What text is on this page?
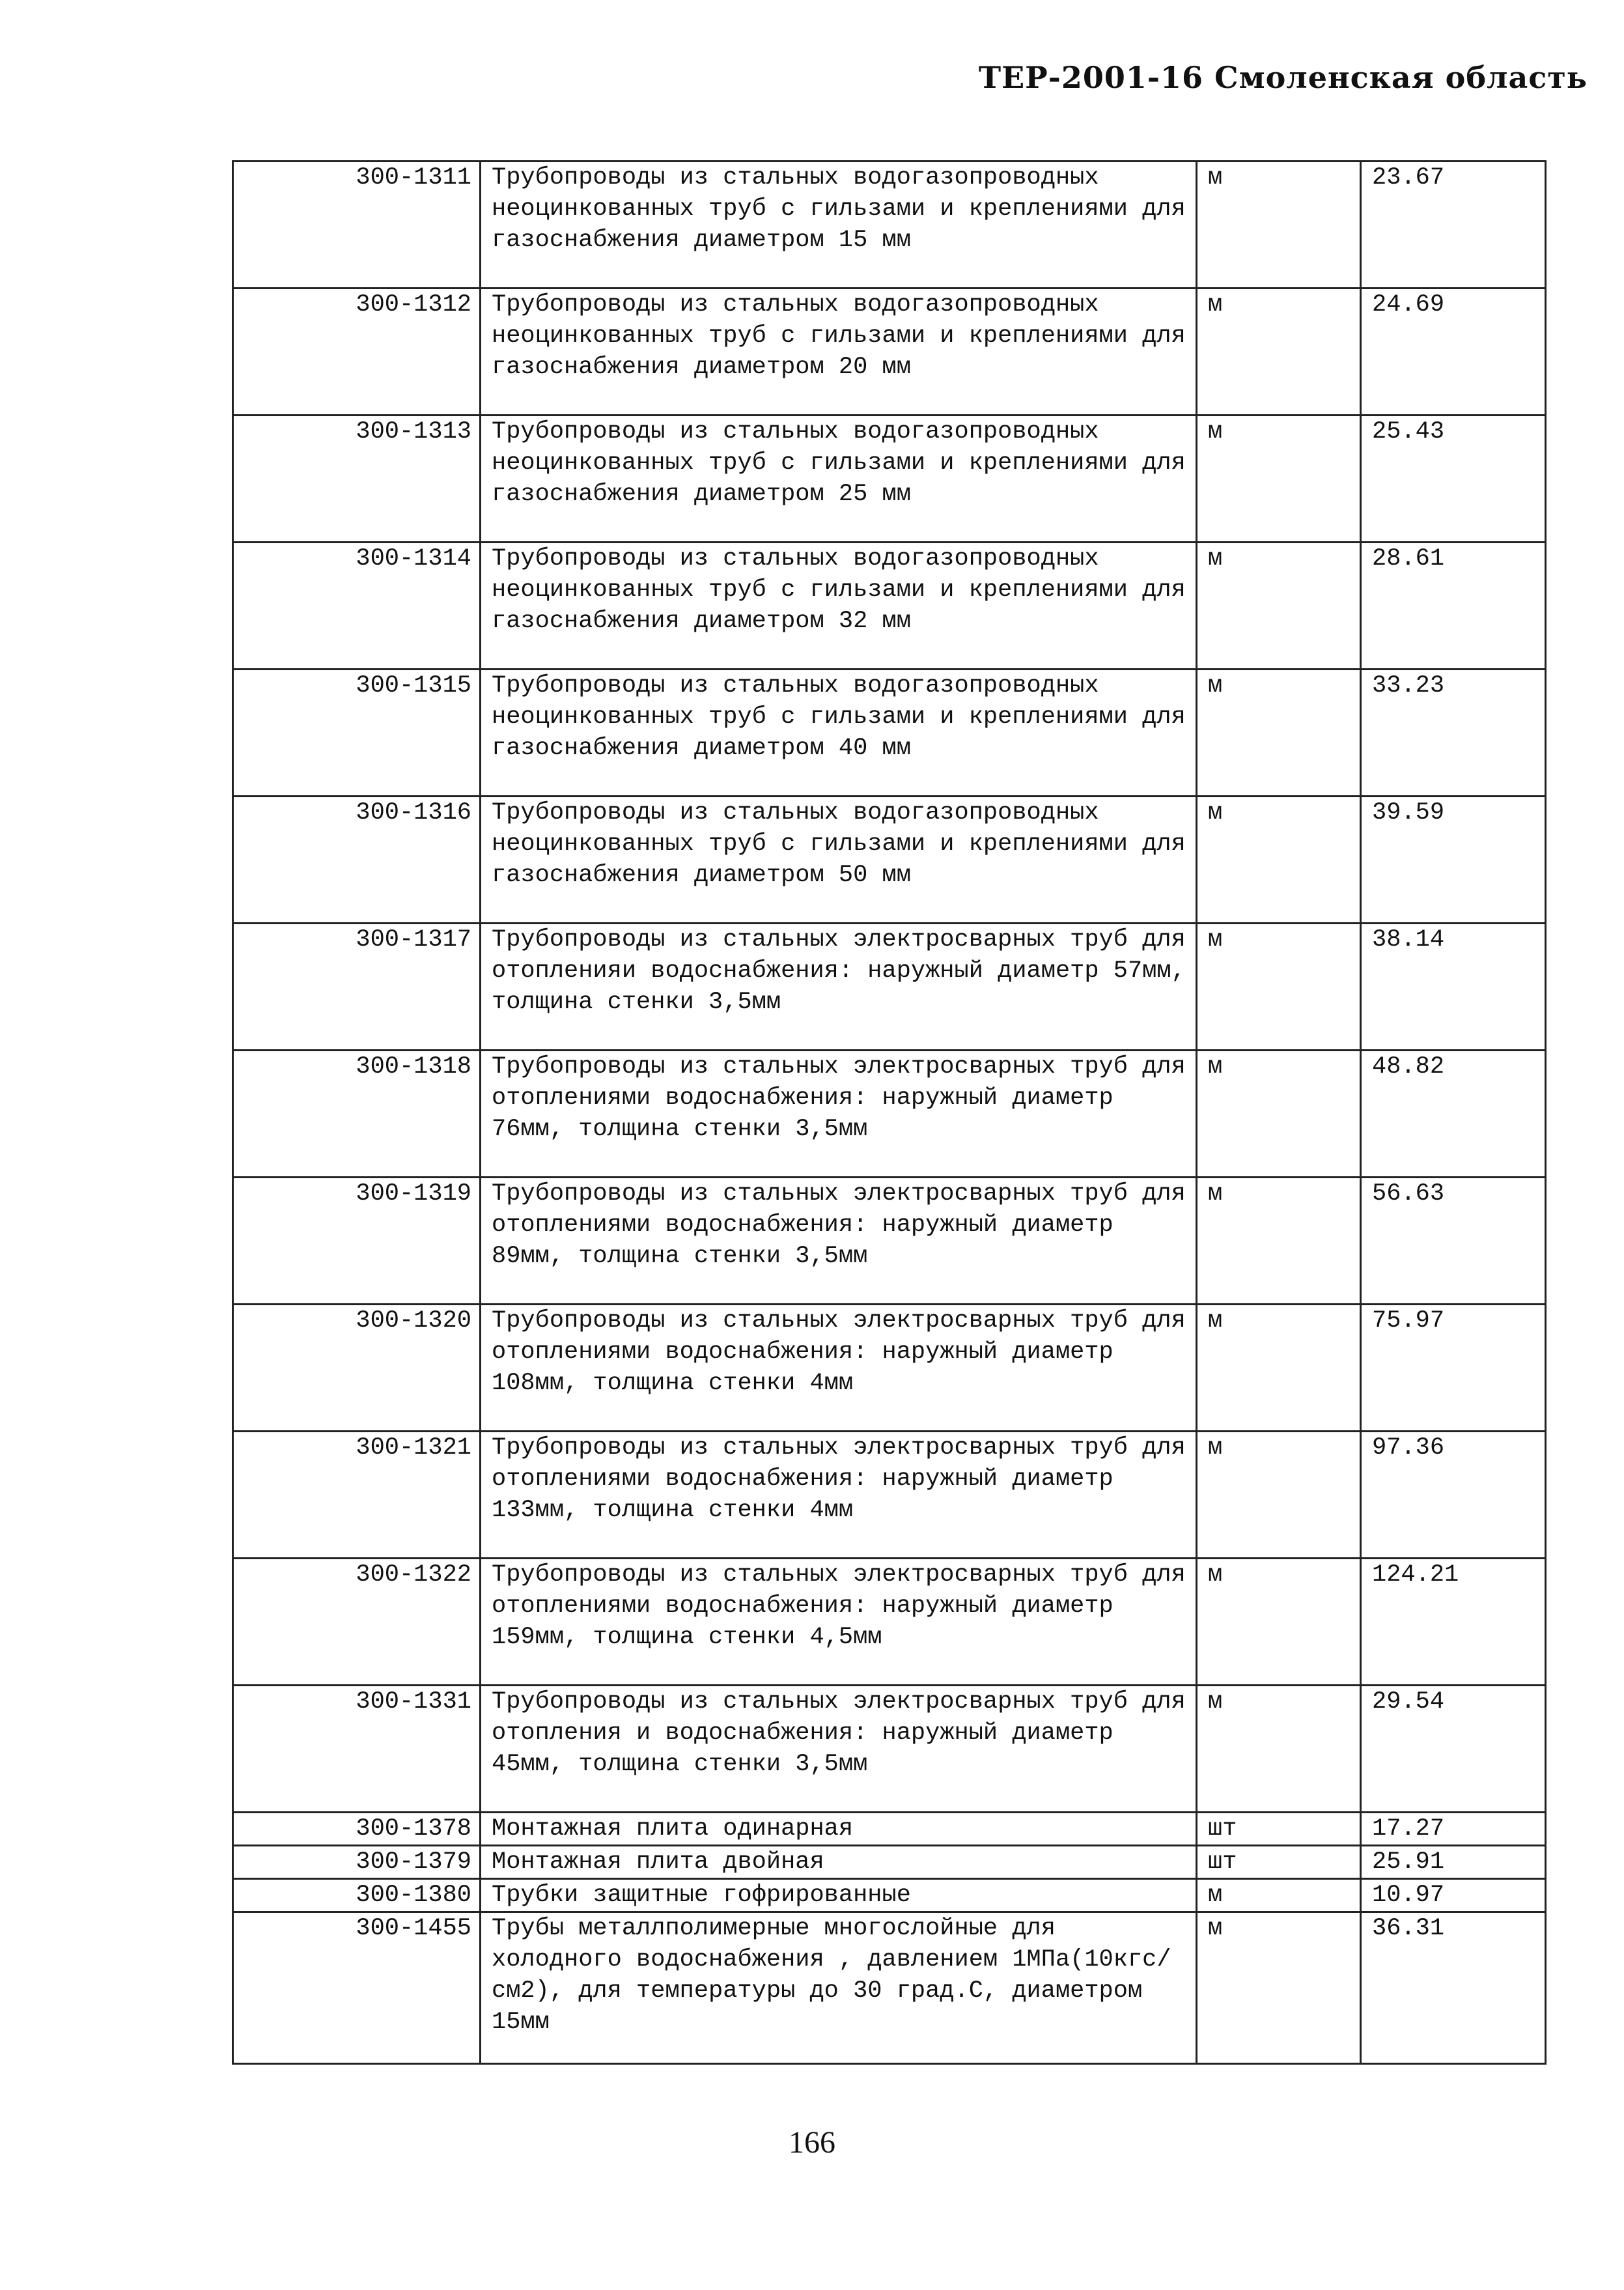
ТЕР-2001-16 Смоленская область
300-1311	Трубопроводы из стальных водогазопроводных неоцинкованных труб с гильзами и креплениями для газоснабжения диаметром 15 мм	м	23.67
300-1312	Трубопроводы из стальных водогазопроводных неоцинкованных труб с гильзами и креплениями для газоснабжения диаметром 20 мм	м	24.69
300-1313	Трубопроводы из стальных водогазопроводных неоцинкованных труб с гильзами и креплениями для газоснабжения диаметром 25 мм	м	25.43
300-1314	Трубопроводы из стальных водогазопроводных неоцинкованных труб с гильзами и креплениями для газоснабжения диаметром 32 мм	м	28.61
300-1315	Трубопроводы из стальных водогазопроводных неоцинкованных труб с гильзами и креплениями для газоснабжения диаметром 40 мм	м	33.23
300-1316	Трубопроводы из стальных водогазопроводных неоцинкованных труб с гильзами и креплениями для газоснабжения диаметром 50 мм	м	39.59
300-1317	Трубопроводы из стальных электросварных труб для отопленияи водоснабжения: наружный диаметр 57мм, толщина стенки 3,5мм	м	38.14
300-1318	Трубопроводы из стальных электросварных труб для отоплениями водоснабжения: наружный диаметр 76мм, толщина стенки 3,5мм	м	48.82
300-1319	Трубопроводы из стальных электросварных труб для отоплениями водоснабжения: наружный диаметр 89мм, толщина стенки 3,5мм	м	56.63
300-1320	Трубопроводы из стальных электросварных труб для отоплениями водоснабжения: наружный диаметр 108мм, толщина стенки 4мм	м	75.97
300-1321	Трубопроводы из стальных электросварных труб для отоплениями водоснабжения: наружный диаметр 133мм, толщина стенки 4мм	м	97.36
300-1322	Трубопроводы из стальных электросварных труб для отоплениями водоснабжения: наружный диаметр 159мм, толщина стенки 4,5мм	м	124.21
300-1331	Трубопроводы из стальных электросварных труб для отопления и водоснабжения: наружный диаметр 45мм, толщина стенки 3,5мм	м	29.54
300-1378	Монтажная плита одинарная	шт	17.27
300-1379	Монтажная плита двойная	шт	25.91
300-1380	Трубки защитные гофрированные	м	10.97
300-1455	Трубы металлполимерные многослойные для холодного водоснабжения , давлением 1МПа(10кгс/см2), для температуры до 30 град.С, диаметром 15мм	м	36.31
166
